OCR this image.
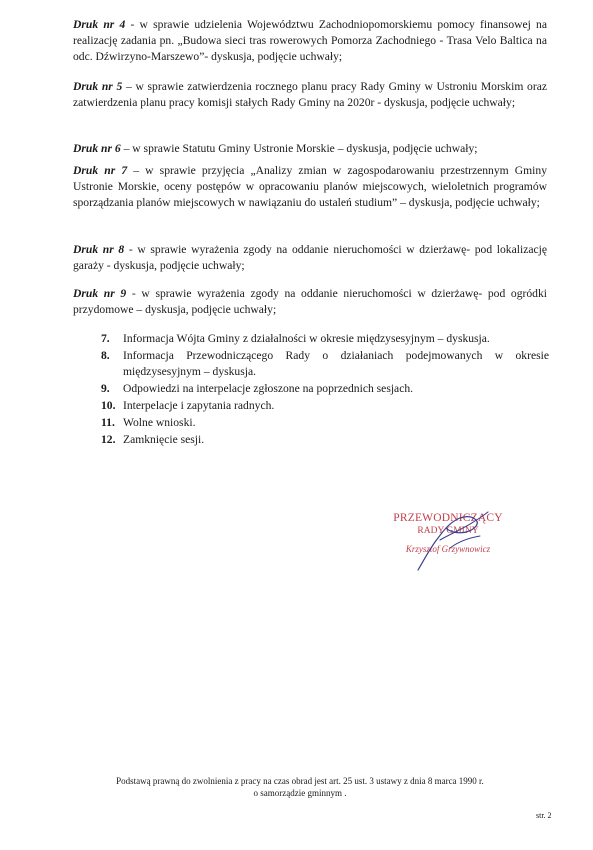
Druk nr 4 - w sprawie udzielenia Województwu Zachodniopomorskiemu pomocy finansowej na realizację zadania pn. „Budowa sieci tras rowerowych Pomorza Zachodniego - Trasa Velo Baltica na odc. Dźwirzyno-Marszewo”- dyskusja, podjęcie uchwały;
Druk nr 5 – w sprawie zatwierdzenia rocznego planu pracy Rady Gminy w Ustroniu Morskim oraz zatwierdzenia planu pracy komisji stałych Rady Gminy na 2020r - dyskusja, podjęcie uchwały;
Druk nr 6 – w sprawie Statutu Gminy Ustronie Morskie – dyskusja, podjęcie uchwały;
Druk nr 7 – w sprawie przyjęcia „Analizy zmian w zagospodarowaniu przestrzennym Gminy Ustronie Morskie, oceny postępów w opracowaniu planów miejscowych, wieloletnich programów sporządzania planów miejscowych w nawiązaniu do ustaleń studium” – dyskusja, podjęcie uchwały;
Druk nr 8 - w sprawie wyrażenia zgody na oddanie nieruchomości w dzierżawę- pod lokalizację garaży - dyskusja, podjęcie uchwały;
Druk nr 9 - w sprawie wyrażenia zgody na oddanie nieruchomości w dzierżawę- pod ogródki przydomowe – dyskusja, podjęcie uchwały;
7.	Informacja Wójta Gminy z działalności w okresie międzysesyjnym – dyskusja.
8.	Informacja Przewodniczącego Rady o działaniach podejmowanych w okresie międzysesyjnym – dyskusja.
9.	Odpowiedzi na interpelacje zgłoszone na poprzednich sesjach.
10. Interpelacje i zapytania radnych.
11. Wolne wnioski.
12. Zamknięcie sesji.
PRZEWODNICZĄCY
RADY GMINY
Krzysztof Grzywnowicz
Podstawą prawną do zwolnienia z pracy na czas obrad jest art. 25 ust. 3 ustawy z dnia 8 marca 1990 r.
o samorządzie gminnym .
str. 2
